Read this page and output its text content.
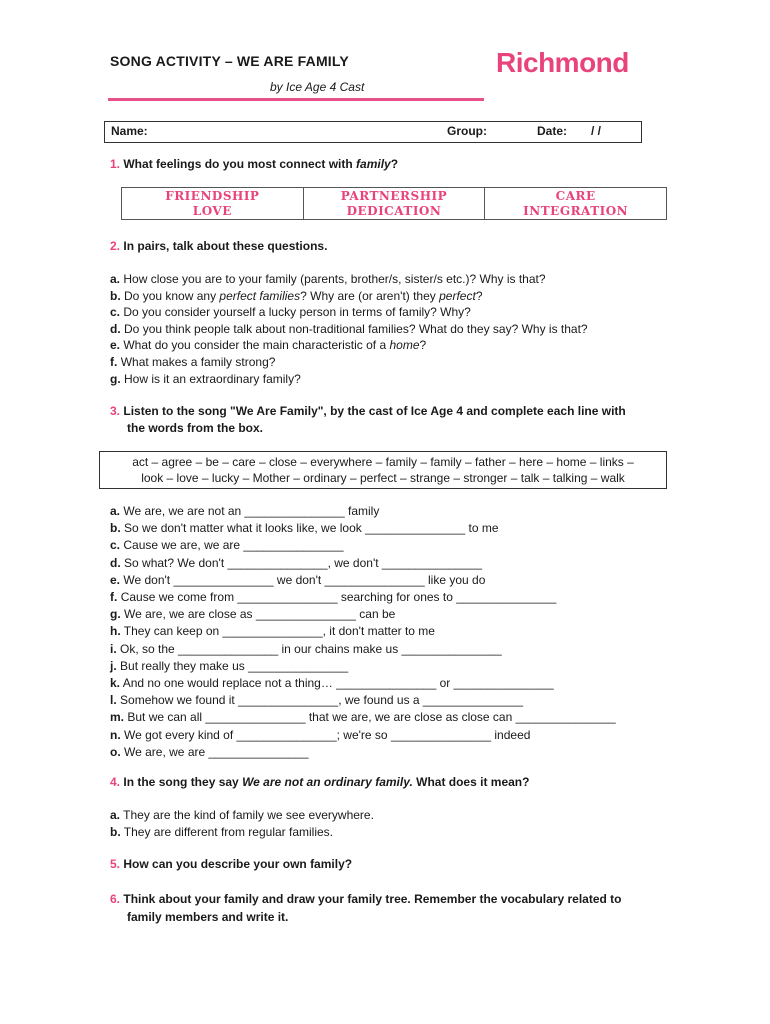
SONG ACTIVITY – WE ARE FAMILY
by Ice Age 4 Cast
Richmond
Name:	Group:	Date: / /
1. What feelings do you most connect with family?
FRIENDSHIP
LOVE

PARTNERSHIP
DEDICATION

CARE
INTEGRATION
2. In pairs, talk about these questions.
a. How close you are to your family (parents, brother/s, sister/s etc.)? Why is that?
b. Do you know any perfect families? Why are (or aren't) they perfect?
c. Do you consider yourself a lucky person in terms of family? Why?
d. Do you think people talk about non-traditional families? What do they say? Why is that?
e. What do you consider the main characteristic of a home?
f. What makes a family strong?
g. How is it an extraordinary family?
3. Listen to the song "We Are Family", by the cast of Ice Age 4 and complete each line with
the words from the box.
act – agree – be – care – close – everywhere – family – family – father – here – home – links –
look – love – lucky – Mother – ordinary – perfect – strange – stronger – talk – talking – walk
a. We are, we are not an _______________ family
b. So we don't matter what it looks like, we look _______________ to me
c. Cause we are, we are _______________
d. So what? We don't _______________, we don't _______________
e. We don't _______________ we don't _______________ like you do
f. Cause we come from _______________ searching for ones to _______________
g. We are, we are close as _______________ can be
h. They can keep on _______________, it don't matter to me
i. Ok, so the _______________ in our chains make us _______________
j. But really they make us _______________
k. And no one would replace not a thing… _______________ or _______________
l. Somehow we found it _______________, we found us a _______________
m. But we can all _______________ that we are, we are close as close can _______________
n. We got every kind of _______________; we're so _______________ indeed
o. We are, we are _______________
4. In the song they say We are not an ordinary family. What does it mean?
a. They are the kind of family we see everywhere.
b. They are different from regular families.
5. How can you describe your own family?
6. Think about your family and draw your family tree. Remember the vocabulary related to
family members and write it.
